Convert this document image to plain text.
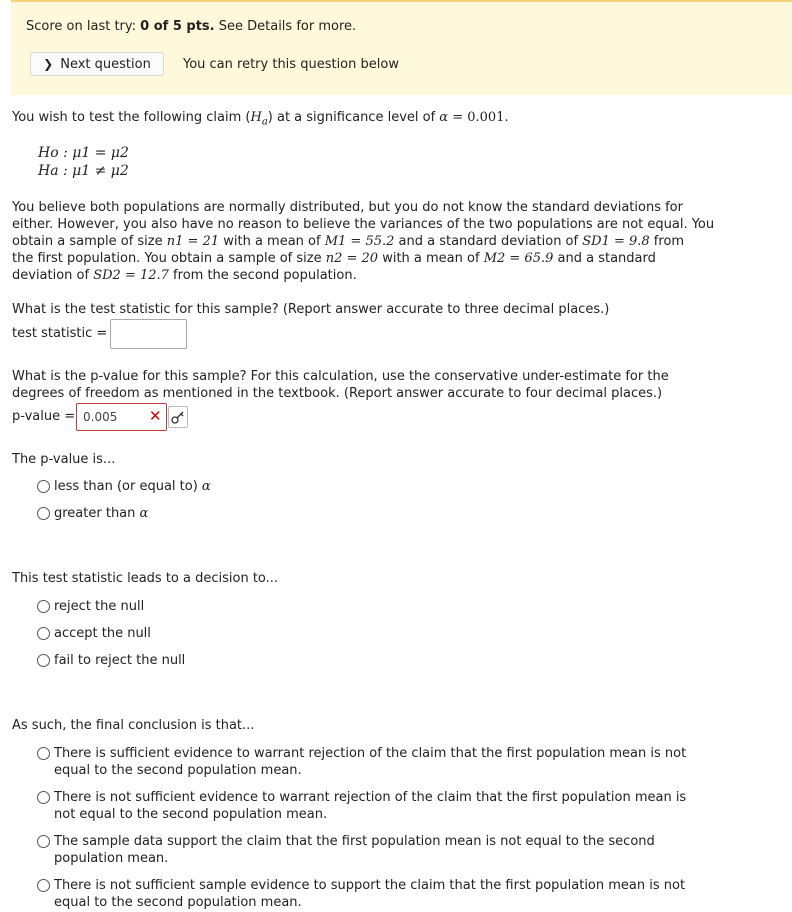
Score on last try: 0 of 5 pts. See Details for more.
❯ Next question You can retry this question below
You wish to test the following claim $(H_a)$ at a significance level of α = 0.001.
Ho : μ1 = μ2
Ha : μ1 ≠ μ2
You believe both populations are normally distributed, but you do not know the standard deviations for
either. However, you also have no reason to believe the variances of the two populations are not equal. You
obtain a sample of size n1 = 21 with a mean of M1 = 55.2 and a standard deviation of SD1 = 9.8 from
the first population. You obtain a sample of size n2 = 20 with a mean of M2 = 65.9 and a standard
deviation of SD2 = 12.7 from the second population.
What is the test statistic for this sample? (Report answer accurate to three decimal places.)
test statistic =
What is the p-value for this sample? For this calculation, use the conservative under-estimate for the
degrees of freedom as mentioned in the textbook. (Report answer accurate to four decimal places.)
p-value =
0.005	✕
The p-value is...
less than (or equal to) α
greater than α
This test statistic leads to a decision to...
reject the null
accept the null
fail to reject the null
As such, the final conclusion is that...
There is sufficient evidence to warrant rejection of the claim that the first population mean is not equal to the second population mean.
There is not sufficient evidence to warrant rejection of the claim that the first population mean is not equal to the second population mean.
The sample data support the claim that the first population mean is not equal to the second population mean.
There is not sufficient sample evidence to support the claim that the first population mean is not equal to the second population mean.
